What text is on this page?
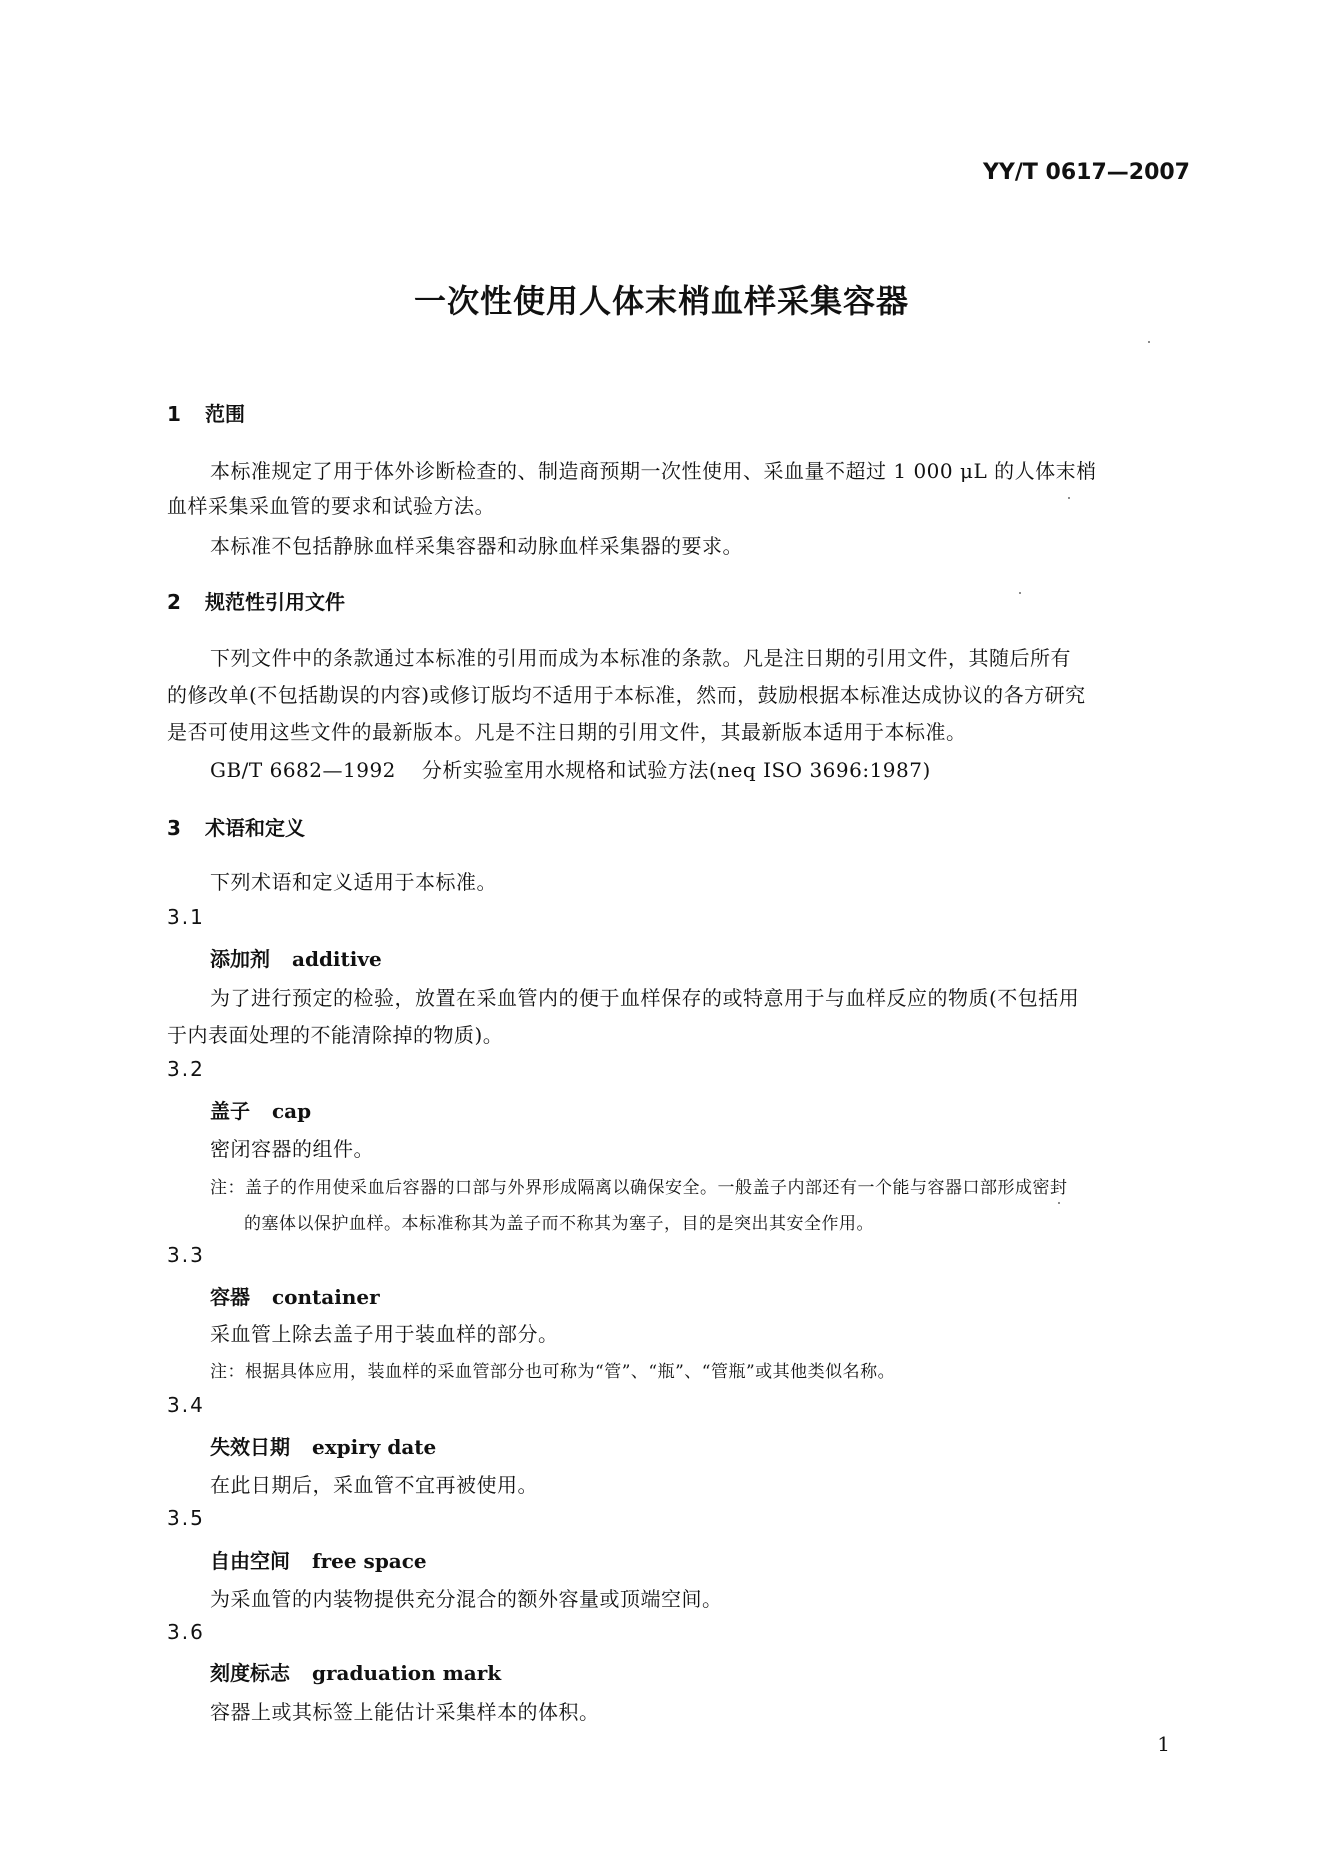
YY/T 0617—2007
一次性使用人体末梢血样采集容器
1 范围
本标准规定了用于体外诊断检查的、制造商预期一次性使用、采血量不超过 1 000 μL 的人体末梢
血样采集采血管的要求和试验方法。
本标准不包括静脉血样采集容器和动脉血样采集器的要求。
2 规范性引用文件
下列文件中的条款通过本标准的引用而成为本标准的条款。凡是注日期的引用文件，其随后所有
的修改单(不包括勘误的内容)或修订版均不适用于本标准，然而，鼓励根据本标准达成协议的各方研究
是否可使用这些文件的最新版本。凡是不注日期的引用文件，其最新版本适用于本标准。
GB/T 6682—1992 分析实验室用水规格和试验方法(neq ISO 3696:1987)
3 术语和定义
下列术语和定义适用于本标准。
3.1
添加剂 additive
为了进行预定的检验，放置在采血管内的便于血样保存的或特意用于与血样反应的物质(不包括用
于内表面处理的不能清除掉的物质)。
3.2
盖子 cap
密闭容器的组件。
注：盖子的作用使采血后容器的口部与外界形成隔离以确保安全。一般盖子内部还有一个能与容器口部形成密封
的塞体以保护血样。本标准称其为盖子而不称其为塞子，目的是突出其安全作用。
3.3
容器 container
采血管上除去盖子用于装血样的部分。
注：根据具体应用，装血样的采血管部分也可称为“管”、“瓶”、“管瓶”或其他类似名称。
3.4
失效日期 expiry date
在此日期后，采血管不宜再被使用。
3.5
自由空间 free space
为采血管的内装物提供充分混合的额外容量或顶端空间。
3.6
刻度标志 graduation mark
容器上或其标签上能估计采集样本的体积。
1
